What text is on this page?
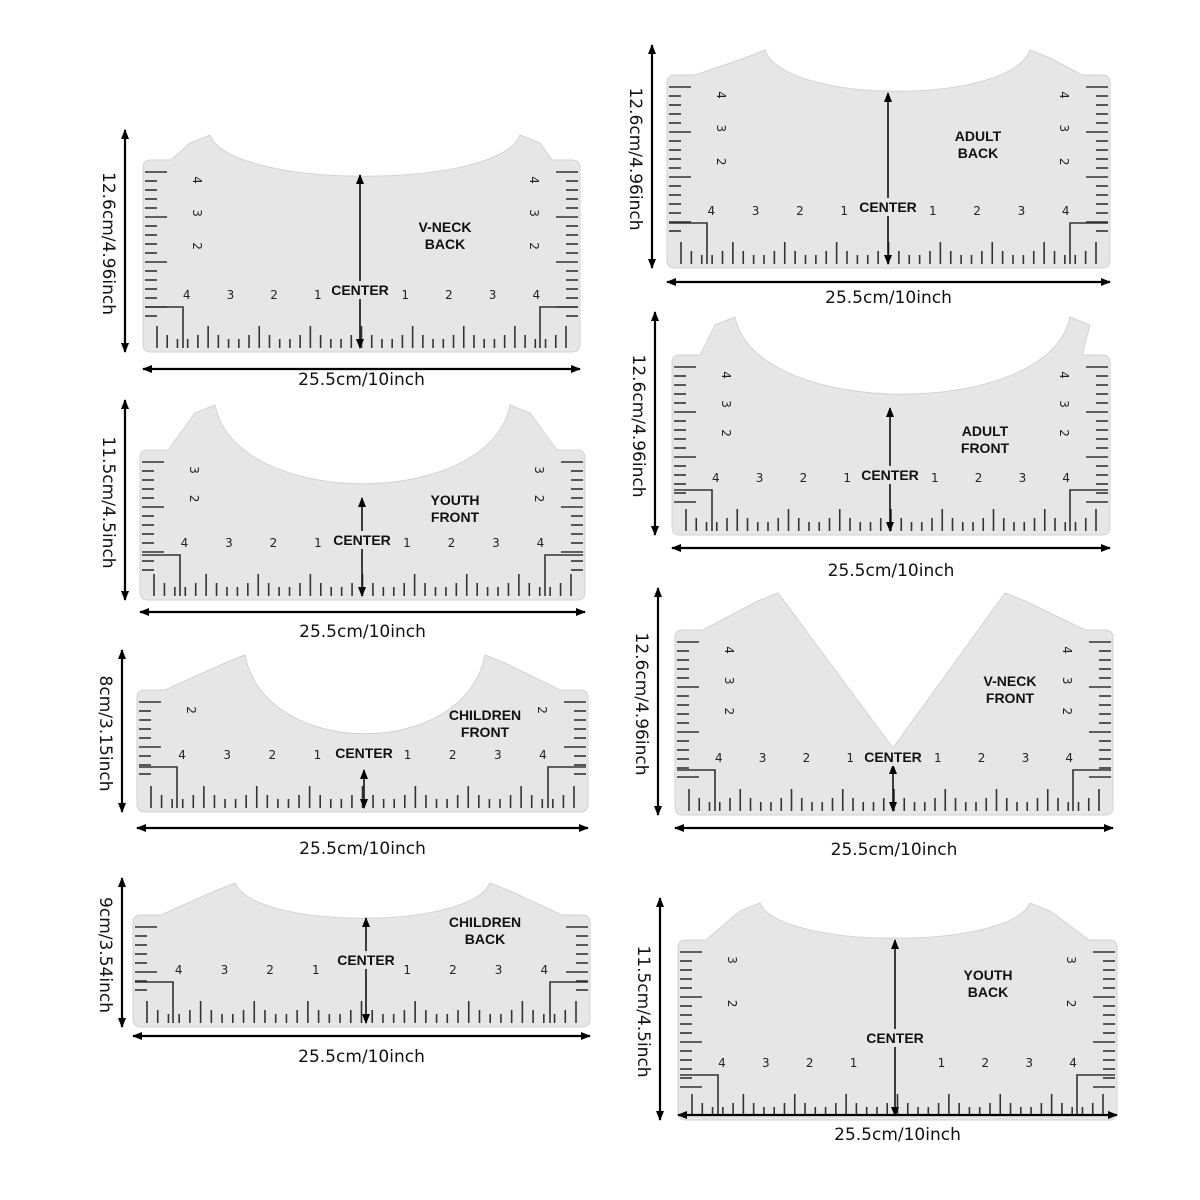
4	3	2	1	1	2	3	4
4	4
3	3
2	2
CENTER
V-NECK
BACK
25.5cm/10inch
12.6cm/4.96inch
4	3	2	1	1	2	3	4
3	3
2	2
CENTER
YOUTH
FRONT
25.5cm/10inch
11.5cm/4.5inch
4	3	2	1	1	2	3	4
2	2
CENTER
CHILDREN
FRONT
25.5cm/10inch
8cm/3.15inch
4	3	2	1	1	2	3	4
CENTER
CHILDREN
BACK
25.5cm/10inch
9cm/3.54inch
4	3	2	1	1	2	3	4
4	4
3	3
2	2
CENTER
ADULT
BACK
25.5cm/10inch
12.6cm/4.96inch
4	3	2	1	1	2	3	4
4	4
3	3
2	2
CENTER
ADULT
FRONT
25.5cm/10inch
12.6cm/4.96inch
4	3	2	1	1	2	3	4
4	4
3	3
2	2
CENTER
V-NECK
FRONT
25.5cm/10inch
12.6cm/4.96inch
4	3	2	1	1	2	3	4
3	3
2	2
CENTER
YOUTH
BACK
25.5cm/10inch
11.5cm/4.5inch
